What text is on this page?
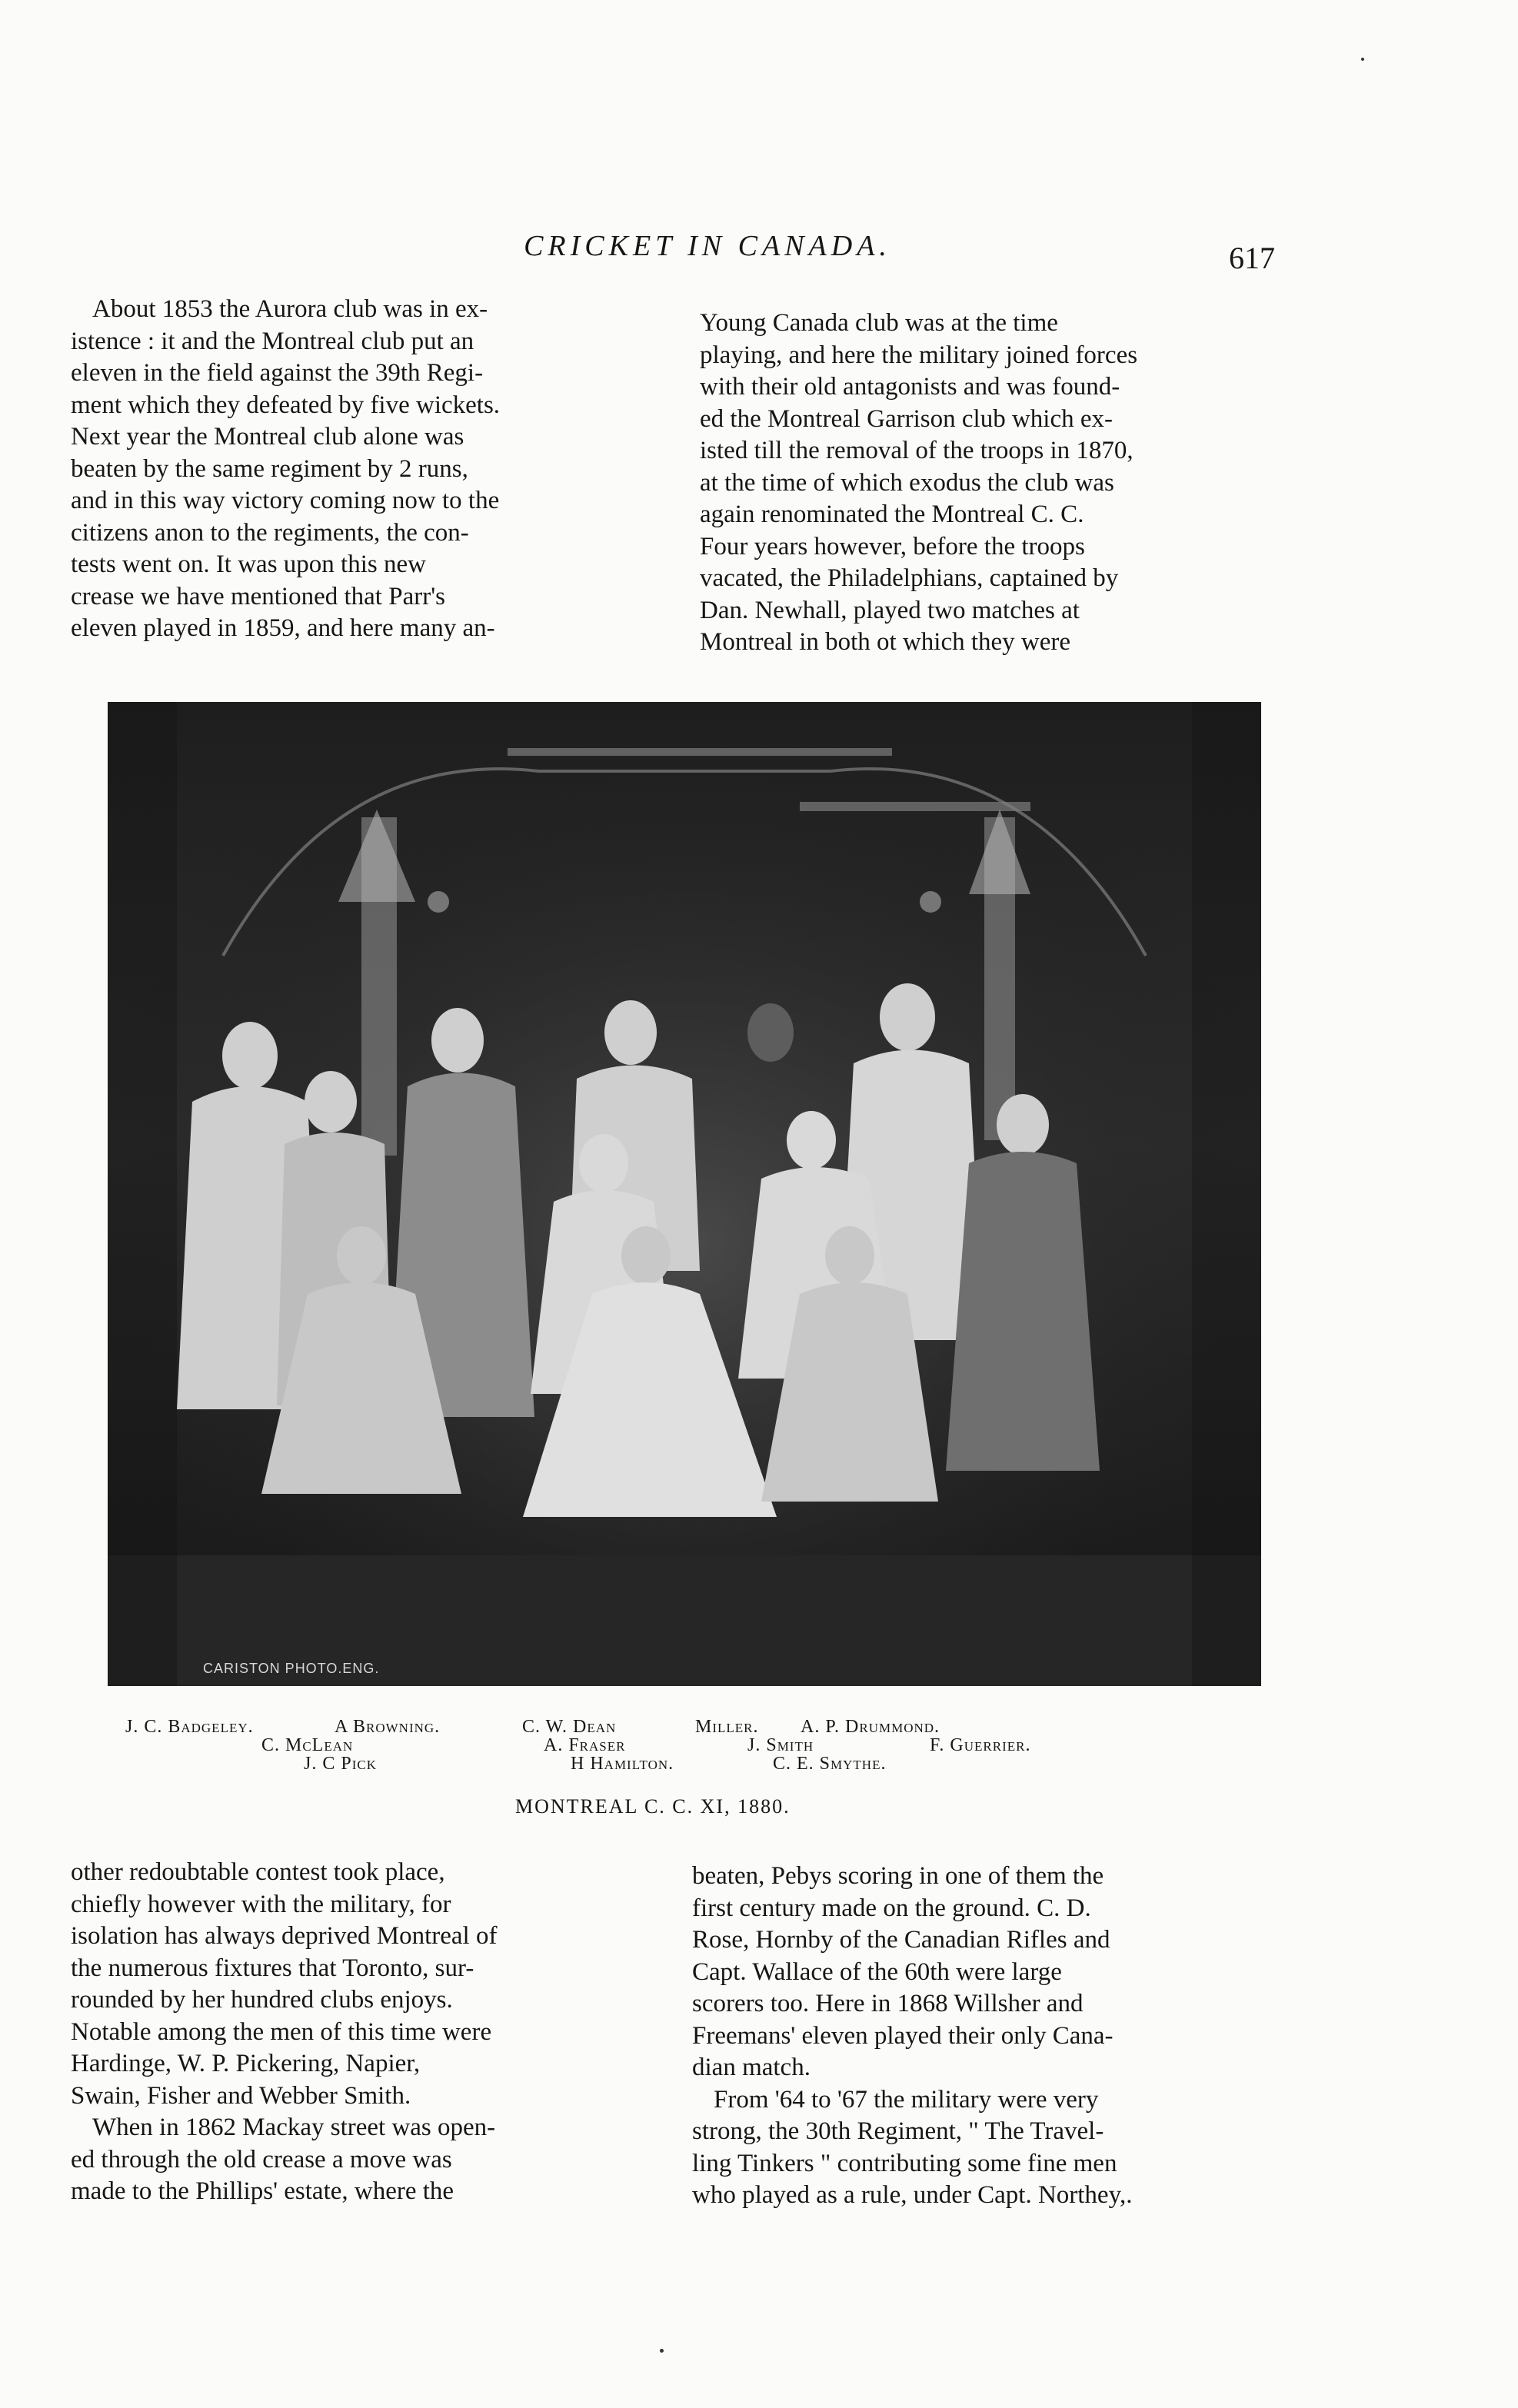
CRICKET IN CANADA.	617
About 1853 the Aurora club was in ex-
istence : it and the Montreal club put an
eleven in the field against the 39th Regi-
ment which they defeated by five wickets.
Next year the Montreal club alone was
beaten by the same regiment by 2 runs,
and in this way victory coming now to the
citizens anon to the regiments, the con-
tests went on. It was upon this new
crease we have mentioned that Parr's
eleven played in 1859, and here many an-
Young Canada club was at the time
playing, and here the military joined forces
with their old antagonists and was found-
ed the Montreal Garrison club which ex-
isted till the removal of the troops in 1870,
at the time of which exodus the club was
again renominated the Montreal C. C.
Four years however, before the troops
vacated, the Philadelphians, captained by
Dan. Newhall, played two matches at
Montreal in both ot which they were
CARISTON PHOTO.ENG.
J. C. Badgeley.	A Browning.	C. W. Dean	Miller. A. P. Drummond.
C. McLean	A. Fraser	J. Smith	F. Guerrier.
J. C Pick	H Hamilton.	C. E. Smythe.
MONTREAL C. C. XI, 1880.
other redoubtable contest took place,
chiefly however with the military, for
isolation has always deprived Montreal of
the numerous fixtures that Toronto, sur-
rounded by her hundred clubs enjoys.
Notable among the men of this time were
Hardinge, W. P. Pickering, Napier,
Swain, Fisher and Webber Smith.
When in 1862 Mackay street was open-
ed through the old crease a move was
made to the Phillips' estate, where the
beaten, Pebys scoring in one of them the
first century made on the ground. C. D.
Rose, Hornby of the Canadian Rifles and
Capt. Wallace of the 60th were large
scorers too. Here in 1868 Willsher and
Freemans' eleven played their only Cana-
dian match.
From '64 to '67 the military were very
strong, the 30th Regiment, " The Travel-
ling Tinkers " contributing some fine men
who played as a rule, under Capt. Northey,.
